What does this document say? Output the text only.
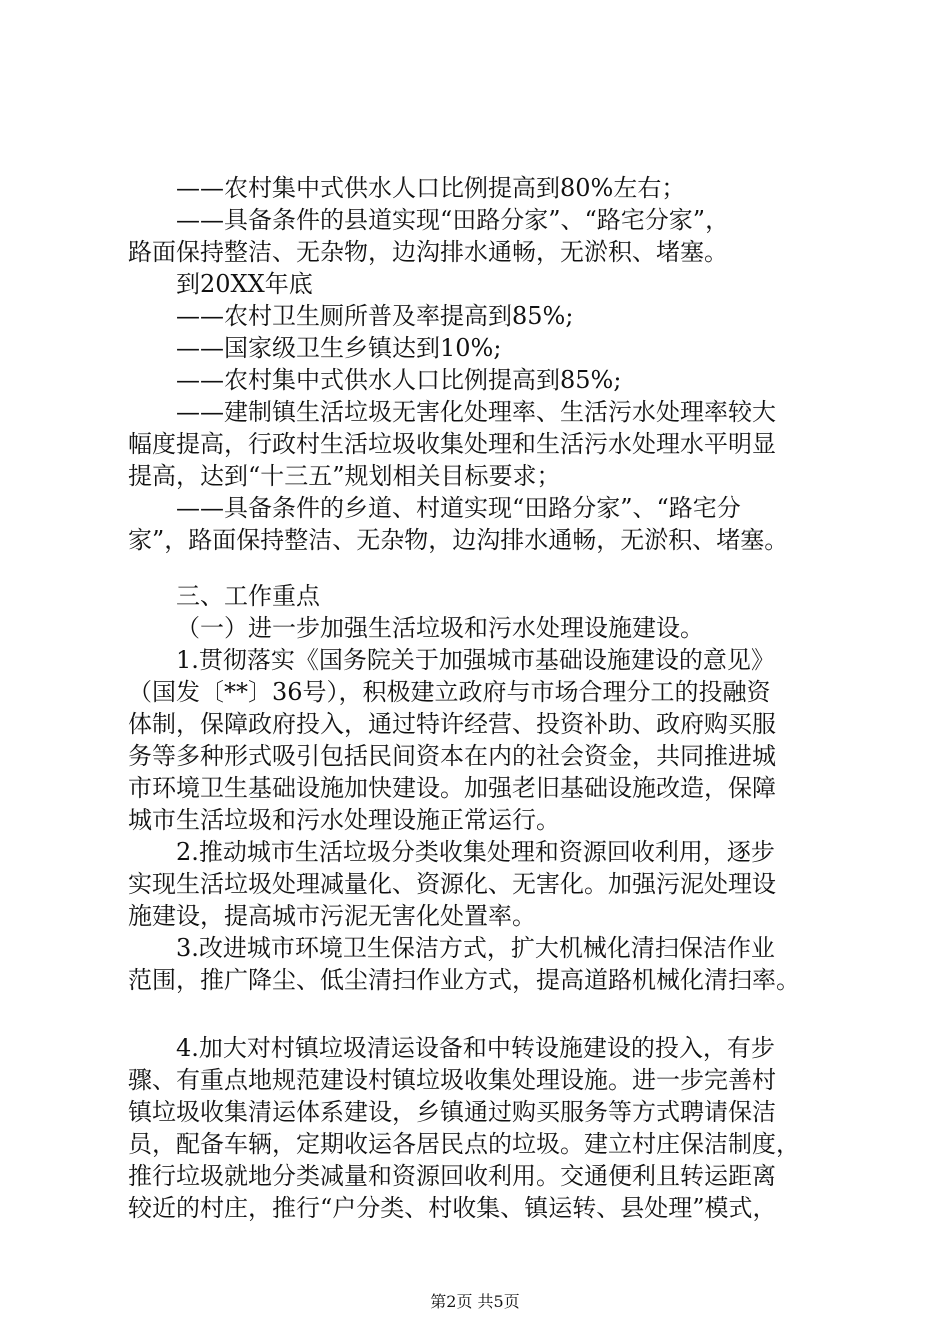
——农村集中式供水人口比例提高到80%左右；
——具备条件的县道实现“田路分家”、“路宅分家”，
路面保持整洁、无杂物，边沟排水通畅，无淤积、堵塞。
到20XX年底
——农村卫生厕所普及率提高到85%;
——国家级卫生乡镇达到10%;
——农村集中式供水人口比例提高到85%;
——建制镇生活垃圾无害化处理率、生活污水处理率较大
幅度提高，行政村生活垃圾收集处理和生活污水处理水平明显
提高，达到“十三五”规划相关目标要求；
——具备条件的乡道、村道实现“田路分家”、“路宅分
家”，路面保持整洁、无杂物，边沟排水通畅，无淤积、堵塞。
三、工作重点
（一）进一步加强生活垃圾和污水处理设施建设。
1.贯彻落实《国务院关于加强城市基础设施建设的意见》
（国发〔**〕36号），积极建立政府与市场合理分工的投融资
体制，保障政府投入，通过特许经营、投资补助、政府购买服
务等多种形式吸引包括民间资本在内的社会资金，共同推进城
市环境卫生基础设施加快建设。加强老旧基础设施改造，保障
城市生活垃圾和污水处理设施正常运行。
2.推动城市生活垃圾分类收集处理和资源回收利用，逐步
实现生活垃圾处理减量化、资源化、无害化。加强污泥处理设
施建设，提高城市污泥无害化处置率。
3.改进城市环境卫生保洁方式，扩大机械化清扫保洁作业
范围，推广降尘、低尘清扫作业方式，提高道路机械化清扫率。
4.加大对村镇垃圾清运设备和中转设施建设的投入，有步
骤、有重点地规范建设村镇垃圾收集处理设施。进一步完善村
镇垃圾收集清运体系建设，乡镇通过购买服务等方式聘请保洁
员，配备车辆，定期收运各居民点的垃圾。建立村庄保洁制度，
推行垃圾就地分类减量和资源回收利用。交通便利且转运距离
较近的村庄，推行“户分类、村收集、镇运转、县处理”模式，
第2页 共5页
